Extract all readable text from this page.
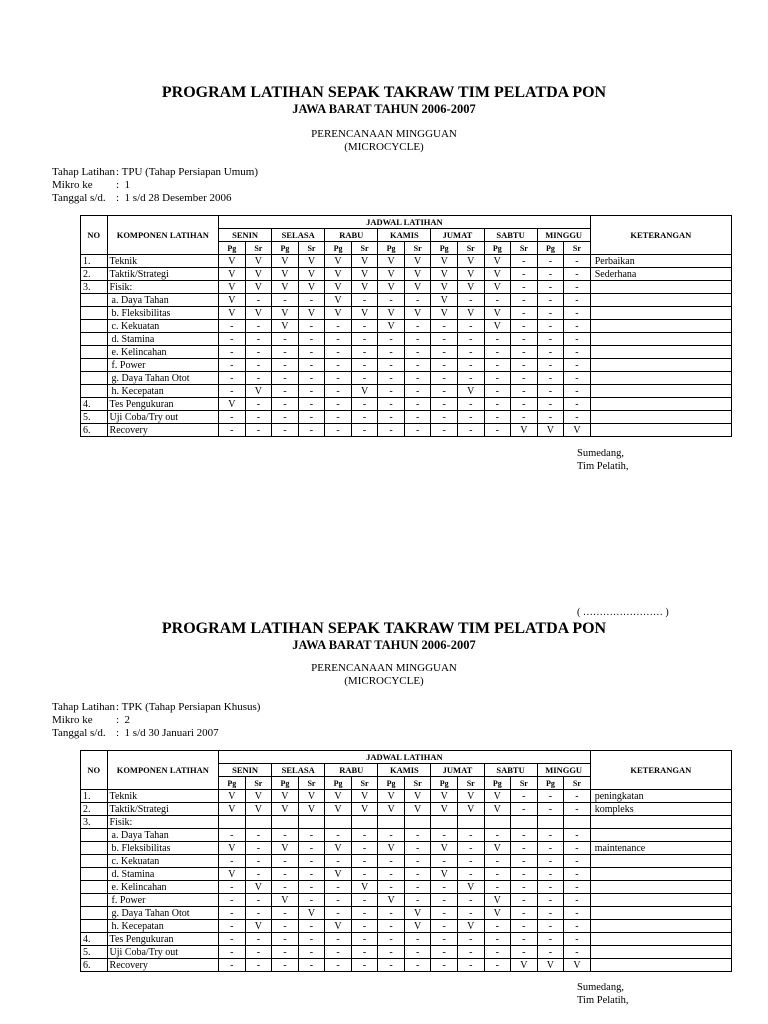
PROGRAM LATIHAN SEPAK TAKRAW TIM PELATDA PON
JAWA BARAT TAHUN 2006-2007
PERENCANAAN MINGGUAN
(MICROCYCLE)
Tahap Latihan: TPU (Tahap Persiapan Umum)
Mikro ke :  1
Tanggal s/d. :  1 s/d 28 Desember 2006
NO	KOMPONEN LATIHAN	JADWAL LATIHAN														KETERANGAN
		SENIN		SELASA		RABU		KAMIS		JUMAT		SABTU		MINGGU		
		Pg	Sr	Pg	Sr	Pg	Sr	Pg	Sr	Pg	Sr	Pg	Sr	Pg	Sr	
1.	Teknik	V	V	V	V	V	V	V	V	V	V	V	-	-	-	Perbaikan
2.	Taktik/Strategi	V	V	V	V	V	V	V	V	V	V	V	-	-	-	Sederhana
3.	Fisik:	V	V	V	V	V	V	V	V	V	V	V	-	-	-	
	a. Daya Tahan	V	-	-	-	V	-	-	-	V	-	-	-	-	-	
	b. Fleksibilitas	V	V	V	V	V	V	V	V	V	V	V	-	-	-	
	c. Kekuatan	-	-	V	-	-	-	V	-	-	-	V	-	-	-	
	d. Stamina	-	-	-	-	-	-	-	-	-	-	-	-	-	-	
	e. Kelincahan	-	-	-	-	-	-	-	-	-	-	-	-	-	-	
	f. Power	-	-	-	-	-	-	-	-	-	-	-	-	-	-	
	g. Daya Tahan Otot	-	-	-	-	-	-	-	-	-	-	-	-	-	-	
	h. Kecepatan	-	V	-	-	-	V	-	-	-	V	-	-	-	-	
4.	Tes Pengukuran	V	-	-	-	-	-	-	-	-	-	-	-	-	-	
5.	Uji Coba/Try out	-	-	-	-	-	-	-	-	-	-	-	-	-	-	
6.	Recovery	-	-	-	-	-	-	-	-	-	-	-	V	V	V	
Sumedang,
Tim Pelatih,
( …………………… )
PROGRAM LATIHAN SEPAK TAKRAW TIM PELATDA PON
JAWA BARAT TAHUN 2006-2007
PERENCANAAN MINGGUAN
(MICROCYCLE)
Tahap Latihan: TPK (Tahap Persiapan Khusus)
Mikro ke :  2
Tanggal s/d. :  1 s/d 30 Januari 2007
NO	KOMPONEN LATIHAN	JADWAL LATIHAN														KETERANGAN
		SENIN		SELASA		RABU		KAMIS		JUMAT		SABTU		MINGGU		
		Pg	Sr	Pg	Sr	Pg	Sr	Pg	Sr	Pg	Sr	Pg	Sr	Pg	Sr	
1.	Teknik	V	V	V	V	V	V	V	V	V	V	V	-	-	-	peningkatan
2.	Taktik/Strategi	V	V	V	V	V	V	V	V	V	V	V	-	-	-	kompleks
3.	Fisik:															
	a. Daya Tahan	-	-	-	-	-	-	-	-	-	-	-	-	-	-	
	b. Fleksibilitas	V	-	V	-	V	-	V	-	V	-	V	-	-	-	maintenance
	c. Kekuatan	-	-	-	-	-	-	-	-	-	-	-	-	-	-	
	d. Stamina	V	-	-	-	V	-	-	-	V	-	-	-	-	-	
	e. Kelincahan	-	V	-	-	-	V	-	-	-	V	-	-	-	-	
	f. Power	-	-	V	-	-	-	V	-	-	-	V	-	-	-	
	g. Daya Tahan Otot	-	-	-	V	-	-	-	V	-	-	V	-	-	-	
	h. Kecepatan	-	V	-	-	V	-	-	V	-	V	-	-	-	-	
4.	Tes Pengukuran	-	-	-	-	-	-	-	-	-	-	-	-	-	-	
5.	Uji Coba/Try out	-	-	-	-	-	-	-	-	-	-	-	-	-	-	
6.	Recovery	-	-	-	-	-	-	-	-	-	-	-	V	V	V	
Sumedang,
Tim Pelatih,
